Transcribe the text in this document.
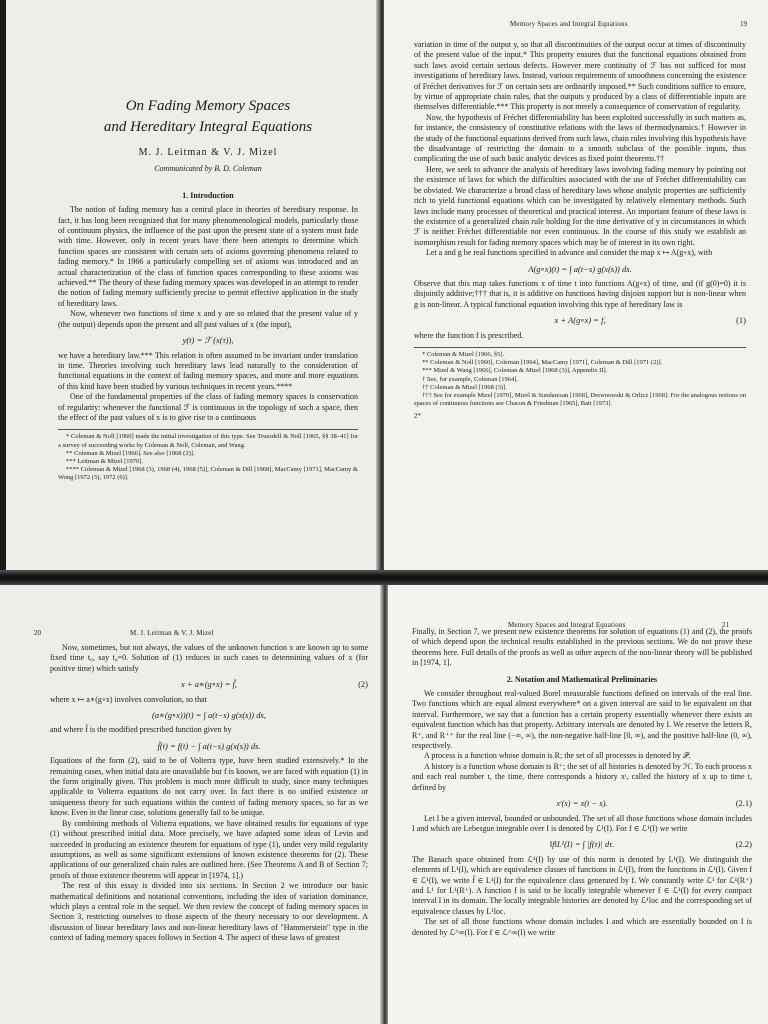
On Fading Memory Spaces
and Hereditary Integral Equations
M. J. Leitman & V. J. Mizel
Communicated by B. D. Coleman
1. Introduction

The notion of fading memory has a central place in theories of hereditary response. In fact, it has long been recognized that for many phenomenological models, particularly those of continuum physics, the influence of the past upon the present state of a system must fade with time. However, only in recent years have there been attempts to determine which function spaces are consistent with certain sets of axioms governing phenomena related to fading memory.* In 1966 a particularly compelling set of axioms was introduced and an actual characterization of the class of function spaces corresponding to these axioms was achieved.** The theory of these fading memory spaces was developed in an attempt to render the notion of fading memory sufficiently precise to permit effective application in the study of hereditary laws.

Now, whenever two functions of time x and y are so related that the present value of y (the output) depends upon the present and all past values of x (the input),

y(t) = ℱ (x(τ)),

we have a hereditary law.*** This relation is often assumed to be invariant under translation in time. Theories involving such hereditary laws lead naturally to the consideration of functional equations in the context of fading memory spaces, and more and more equations of this kind have been studied by various techniques in recent years.****

One of the fundamental properties of the class of fading memory spaces is conservation of regularity: whenever the functional ℱ is continuous in the topology of such a space, then the effect of the past values of x is to give rise to a continuous

* Coleman & Noll [1960] made the initial investigation of this type. See Truesdell & Noll [1965, §§ 38–41] for a survey of succeeding works by Coleman & Noll, Coleman, and Wang.
** Coleman & Mizel [1966]. See also [1968 (2)].
*** Leitman & Mizel [1970].
**** Coleman & Mizel [1968 (3), 1968 (4), 1968 (5)], Coleman & Dill [1968], MacCamy [1971], MacCamy & Wong [1972 (5), 1972 (6)].
Memory Spaces and Integral Equations	19

variation in time of the output y, so that all discontinuities of the output occur at times of discontinuity of the present value of the input.* This property ensures that the functional equations obtained from such laws avoid certain serious defects. However mere continuity of ℱ has not sufficed for most investigations of hereditary laws. Instead, various requirements of smoothness concerning the existence of Fréchet derivatives for ℱ on certain sets are ordinarily imposed.** Such conditions suffice to ensure, by virtue of appropriate chain rules, that the outputs y produced by a class of differentiable inputs are themselves differentiable.*** This property is not merely a consequence of conservation of regularity.

Now, the hypothesis of Fréchet differentiability has been exploited successfully in such matters as, for instance, the consistency of constitutive relations with the laws of thermodynamics.† However in the study of the functional equations derived from such laws, chain rules involving this hypothesis have the disadvantage of restricting the domain to a smooth subclass of the possible inputs, thus complicating the use of such basic analytic devices as fixed point theorems.††

Here, we seek to advance the analysis of hereditary laws involving fading memory by pointing out the existence of laws for which the difficulties associated with the use of Fréchet differentiability can be obviated. We characterize a broad class of hereditary laws whose analytic properties are sufficiently rich to yield functional equations which can be investigated by relatively elementary methods. Such laws include many processes of theoretical and practical interest. An important feature of these laws is the existence of a generalized chain rule holding for the time derivative of y in circumstances in which ℱ is neither Fréchet differentiable nor even continuous. In the course of this study we establish an isomorphism result for fading memory spaces which may be of interest in its own right.

Let a and g be real functions specified in advance and consider the map x ↦ A(g∘x), with

A(g∘x)(t) = ∫ a(t−s) g(x(s)) ds.

Observe that this map takes functions x of time t into functions A(g∘x) of time, and (if g(0)=0) it is disjointly additive;††† that is, it is additive on functions having disjoint support but is non-linear when g is non-linear. A typical functional equation involving this type of hereditary law is

x + A(g∘x) = f,	(1)

where the function f is prescribed.

* Coleman & Mizel [1966, §5].
** Coleman & Noll [1960], Coleman [1964], MacCamy [1971], Coleman & Dill [1971 (2)].
*** Mizel & Wang [1966], Coleman & Mizel [1968 (3)], Appendix II].
† See, for example, Coleman [1964].
†† Coleman & Mizel [1968 (3)].
††† See for example Mizel [1970], Mizel & Sundaresan [1968], Drewnowski & Orlicz [1968]. For the analogous notions on spaces of continuous functions see Chacon & Friedman [1965], Batt [1973].
2*
20	M. J. Leitman & V. J. Mizel

Now, sometimes, but not always, the values of the unknown function x are known up to some fixed time t₀, say t₀=0. Solution of (1) reduces in such cases to determining values of x (for positive time) which satisfy

x + a∗(g∘x) = f̃,	(2)

where x ↦ a∗(g∘x) involves convolution, so that

(a∗(g∘x))(t) = ∫ a(t−s) g(x(s)) ds,

and where f̃ is the modified prescribed function given by

f̃(t) = f(t) − ∫ a(t−s) g(x(s)) ds.

Equations of the form (2), said to be of Volterra type, have been studied extensively.* In the remaining cases, when initial data are unavailable but f is known, we are faced with equation (1) in the form originally given. This problem is much more difficult to study, since many techniques applicable to Volterra equations do not carry over. In fact there is no unified existence or uniqueness theory for such equations within the context of fading memory spaces, so far as we know. Even in the linear case, solutions generally fail to be unique.

By combining methods of Volterra equations, we have obtained results for equations of type (1) without prescribed initial data. More precisely, we have adapted some ideas of Levin and succeeded in producing an existence theorem for equations of type (1), under very mild regularity assumptions, as well as some significant extensions of known existence theorems for (2). These applications of our generalized chain rules are outlined here. (See Theorems A and B of Section 7; proofs of those existence theorems will appear in [1974, 1].)

The rest of this essay is divided into six sections. In Section 2 we introduce our basic mathematical definitions and notational conventions, including the idea of variation dominance, which plays a central role in the sequel. We then review the concept of fading memory spaces in Section 3, restricting ourselves to those aspects of the theory necessary to our development. A discussion of linear hereditary laws and non-linear hereditary laws of "Hammerstein" type in the context of fading memory spaces follows in Section 4. The aspect of these laws of greatest

Memory Spaces and Integral Equations	21

Finally, in Section 7, we present new existence theorems for solution of equations (1) and (2), the proofs of which depend upon the technical results established in the previous sections. We do not prove these theorems here. Full details of the proofs as well as other aspects of the non-linear theory will be published in [1974, 1].

2. Notation and Mathematical Preliminaries

We consider throughout real-valued Borel measurable functions defined on intervals of the real line. Two functions which are equal almost everywhere* on a given interval are said to be equivalent on that interval. Furthermore, we say that a function has a certain property essentially whenever there exists an equivalent function which has that property. Arbitrary intervals are denoted by I. We reserve the letters R, R⁺, and R⁺⁺ for the real line (−∞, ∞), the non-negative half-line [0, ∞), and the positive half-line (0, ∞), respectively.

A process is a function whose domain is R; the set of all processes is denoted by 𝒫.

A history is a function whose domain is R⁺; the set of all histories is denoted by ℋ. To each process x and each real number t, the time, there corresponds a history xᵗ, called the history of x up to time t, defined by

xᵗ(s) = x(t − s).	(2.1)

Let I be a given interval, bounded or unbounded. The set of all those functions whose domain includes I and which are Lebesgue integrable over I is denoted by ℒ¹(I). For f ∈ ℒ¹(I) we write

‖f‖L¹(I) = ∫ |f(τ)| dτ.	(2.2)

The Banach space obtained from ℒ¹(I) by use of this norm is denoted by L¹(I). We distinguish the elements of L¹(I), which are equivalence classes of functions in ℒ¹(I), from the functions in ℒ¹(I). Given f ∈ ℒ¹(I), we write f̃ ∈ L¹(I) for the equivalence class generated by f. We constantly write ℒ¹ for ℒ¹(R⁺) and L¹ for L¹(R⁺). A function f is said to be locally integrable whenever f ∈ ℒ¹(I) for every compact interval I in its domain. The locally integrable histories are denoted by ℒ¹loc and the corresponding set of equivalence classes by L¹loc.

The set of all those functions whose domain includes I and which are essentially bounded on I is denoted by ℒ^∞(I). For f ∈ ℒ^∞(I) we write
